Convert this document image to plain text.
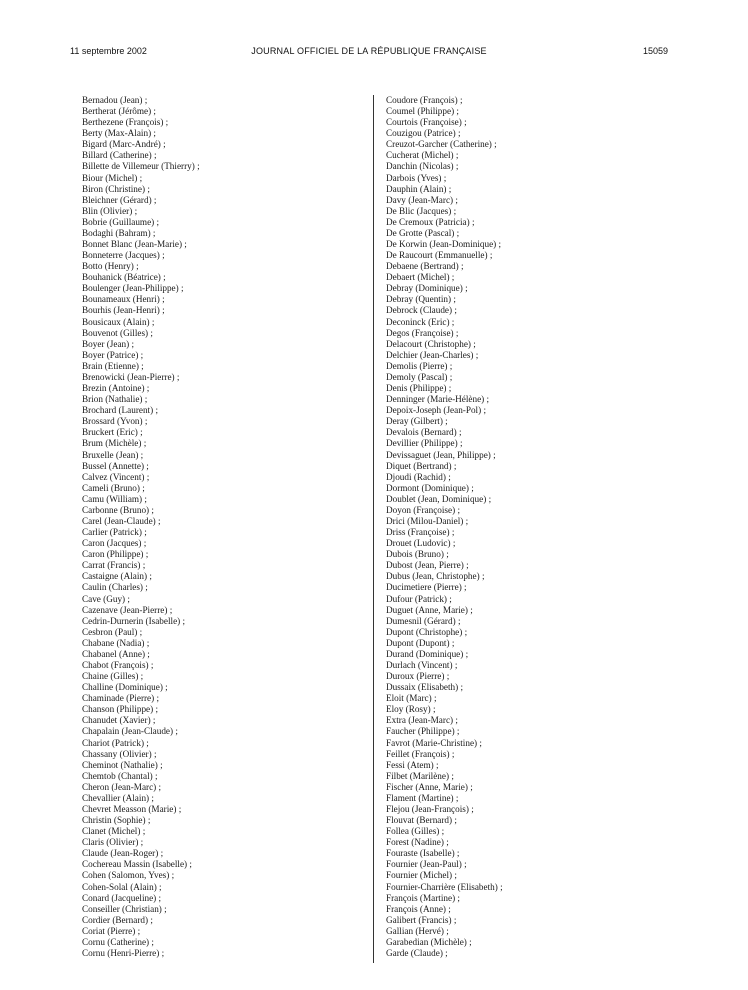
11 septembre 2002	JOURNAL OFFICIEL DE LA RÉPUBLIQUE FRANÇAISE	15059
Bernadou (Jean) ;
Bertherat (Jérôme) ;
Berthezene (François) ;
Berty (Max-Alain) ;
Bigard (Marc-André) ;
Billard (Catherine) ;
Billette de Villemeur (Thierry) ;
Biour (Michel) ;
Biron (Christine) ;
Bleichner (Gérard) ;
Blin (Olivier) ;
Bobrie (Guillaume) ;
Bodaghi (Bahram) ;
Bonnet Blanc (Jean-Marie) ;
Bonneterre (Jacques) ;
Botto (Henry) ;
Bouhanick (Béatrice) ;
Boulenger (Jean-Philippe) ;
Bounameaux (Henri) ;
Bourhis (Jean-Henri) ;
Bousicaux (Alain) ;
Bouvenot (Gilles) ;
Boyer (Jean) ;
Boyer (Patrice) ;
Brain (Etienne) ;
Brenowicki (Jean-Pierre) ;
Brezin (Antoine) ;
Brion (Nathalie) ;
Brochard (Laurent) ;
Brossard (Yvon) ;
Bruckert (Eric) ;
Brum (Michèle) ;
Bruxelle (Jean) ;
Bussel (Annette) ;
Calvez (Vincent) ;
Cameli (Bruno) ;
Camu (William) ;
Carbonne (Bruno) ;
Carel (Jean-Claude) ;
Carlier (Patrick) ;
Caron (Jacques) ;
Caron (Philippe) ;
Carrat (Francis) ;
Castaigne (Alain) ;
Caulin (Charles) ;
Cave (Guy) ;
Cazenave (Jean-Pierre) ;
Cedrin-Durnerin (Isabelle) ;
Cesbron (Paul) ;
Chabane (Nadia) ;
Chabanel (Anne) ;
Chabot (François) ;
Chaine (Gilles) ;
Challine (Dominique) ;
Chaminade (Pierre) ;
Chanson (Philippe) ;
Chanudet (Xavier) ;
Chapalain (Jean-Claude) ;
Chariot (Patrick) ;
Chassany (Olivier) ;
Cheminot (Nathalie) ;
Chemtob (Chantal) ;
Cheron (Jean-Marc) ;
Chevallier (Alain) ;
Chevret Measson (Marie) ;
Christin (Sophie) ;
Clanet (Michel) ;
Claris (Olivier) ;
Claude (Jean-Roger) ;
Cochereau Massin (Isabelle) ;
Cohen (Salomon, Yves) ;
Cohen-Solal (Alain) ;
Conard (Jacqueline) ;
Conseiller (Christian) ;
Cordier (Bernard) ;
Coriat (Pierre) ;
Cornu (Catherine) ;
Cornu (Henri-Pierre) ;
Coudore (François) ;
Coumel (Philippe) ;
Courtois (Françoise) ;
Couzigou (Patrice) ;
Creuzot-Garcher (Catherine) ;
Cucherat (Michel) ;
Danchin (Nicolas) ;
Darbois (Yves) ;
Dauphin (Alain) ;
Davy (Jean-Marc) ;
De Blic (Jacques) ;
De Cremoux (Patricia) ;
De Grotte (Pascal) ;
De Korwin (Jean-Dominique) ;
De Raucourt (Emmanuelle) ;
Debaene (Bertrand) ;
Debaert (Michel) ;
Debray (Dominique) ;
Debray (Quentin) ;
Debrock (Claude) ;
Deconinck (Eric) ;
Degos (Françoise) ;
Delacourt (Christophe) ;
Delchier (Jean-Charles) ;
Demolis (Pierre) ;
Demoly (Pascal) ;
Denis (Philippe) ;
Denninger (Marie-Hélène) ;
Depoix-Joseph (Jean-Pol) ;
Deray (Gilbert) ;
Devalois (Bernard) ;
Devillier (Philippe) ;
Devissaguet (Jean, Philippe) ;
Diquet (Bertrand) ;
Djoudi (Rachid) ;
Dormont (Dominique) ;
Doublet (Jean, Dominique) ;
Doyon (Françoise) ;
Drici (Milou-Daniel) ;
Driss (Françoise) ;
Drouet (Ludovic) ;
Dubois (Bruno) ;
Dubost (Jean, Pierre) ;
Dubus (Jean, Christophe) ;
Ducimetiere (Pierre) ;
Dufour (Patrick) ;
Duguet (Anne, Marie) ;
Dumesnil (Gérard) ;
Dupont (Christophe) ;
Dupont (Dupont) ;
Durand (Dominique) ;
Durlach (Vincent) ;
Duroux (Pierre) ;
Dussaix (Elisabeth) ;
Eloit (Marc) ;
Eloy (Rosy) ;
Extra (Jean-Marc) ;
Faucher (Philippe) ;
Favrot (Marie-Christine) ;
Feillet (François) ;
Fessi (Atem) ;
Filbet (Marilène) ;
Fischer (Anne, Marie) ;
Flament (Martine) ;
Flejou (Jean-François) ;
Flouvat (Bernard) ;
Follea (Gilles) ;
Forest (Nadine) ;
Fouraste (Isabelle) ;
Fournier (Jean-Paul) ;
Fournier (Michel) ;
Fournier-Charrière (Elisabeth) ;
François (Martine) ;
François (Anne) ;
Galibert (Francis) ;
Gallian (Hervé) ;
Garabedian (Michèle) ;
Garde (Claude) ;
